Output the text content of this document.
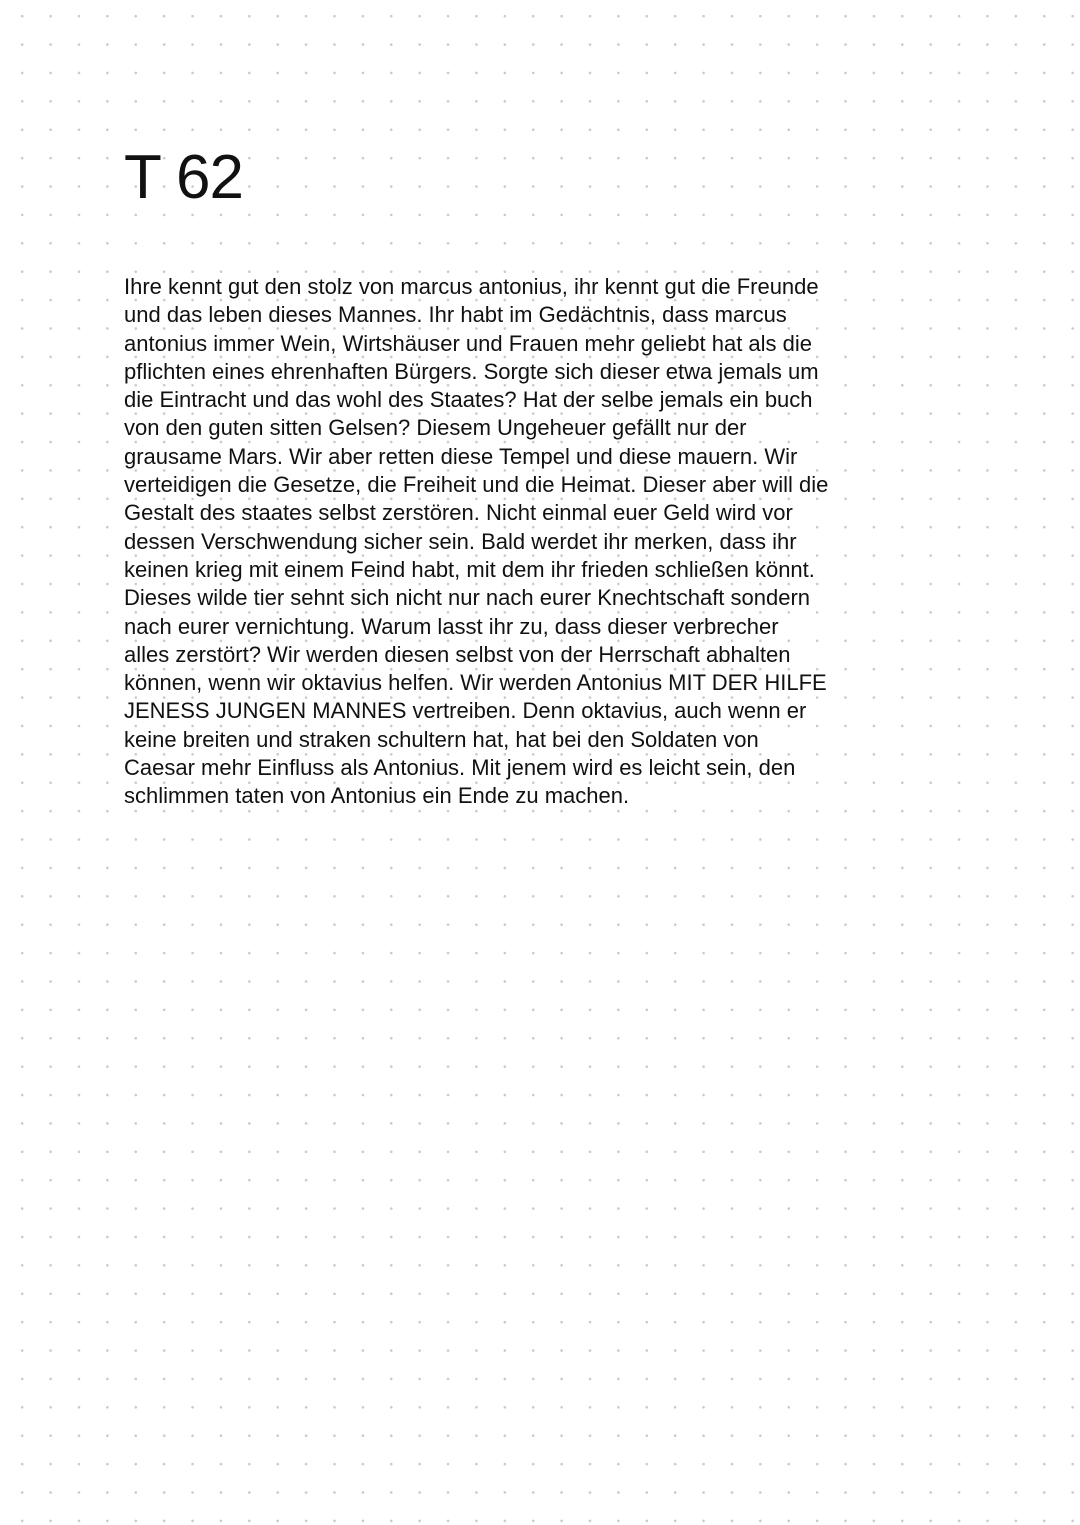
T 62
Ihre kennt gut den stolz von marcus antonius, ihr kennt gut die Freunde
und das leben dieses Mannes. Ihr habt im Gedächtnis, dass marcus
antonius immer Wein, Wirtshäuser und Frauen mehr geliebt hat als die
pflichten eines ehrenhaften Bürgers. Sorgte sich dieser etwa jemals um
die Eintracht und das wohl des Staates? Hat der selbe jemals ein buch
von den guten sitten Gelsen? Diesem Ungeheuer gefällt nur der
grausame Mars. Wir aber retten diese Tempel und diese mauern. Wir
verteidigen die Gesetze, die Freiheit und die Heimat. Dieser aber will die
Gestalt des staates selbst zerstören. Nicht einmal euer Geld wird vor
dessen Verschwendung sicher sein. Bald werdet ihr merken, dass ihr
keinen krieg mit einem Feind habt, mit dem ihr frieden schließen könnt.
Dieses wilde tier sehnt sich nicht nur nach eurer Knechtschaft sondern
nach eurer vernichtung. Warum lasst ihr zu, dass dieser verbrecher
alles zerstört? Wir werden diesen selbst von der Herrschaft abhalten
können, wenn wir oktavius helfen. Wir werden Antonius MIT DER HILFE
JENESS JUNGEN MANNES vertreiben. Denn oktavius, auch wenn er
keine breiten und straken schultern hat, hat bei den Soldaten von
Caesar mehr Einfluss als Antonius. Mit jenem wird es leicht sein, den
schlimmen taten von Antonius ein Ende zu machen.
